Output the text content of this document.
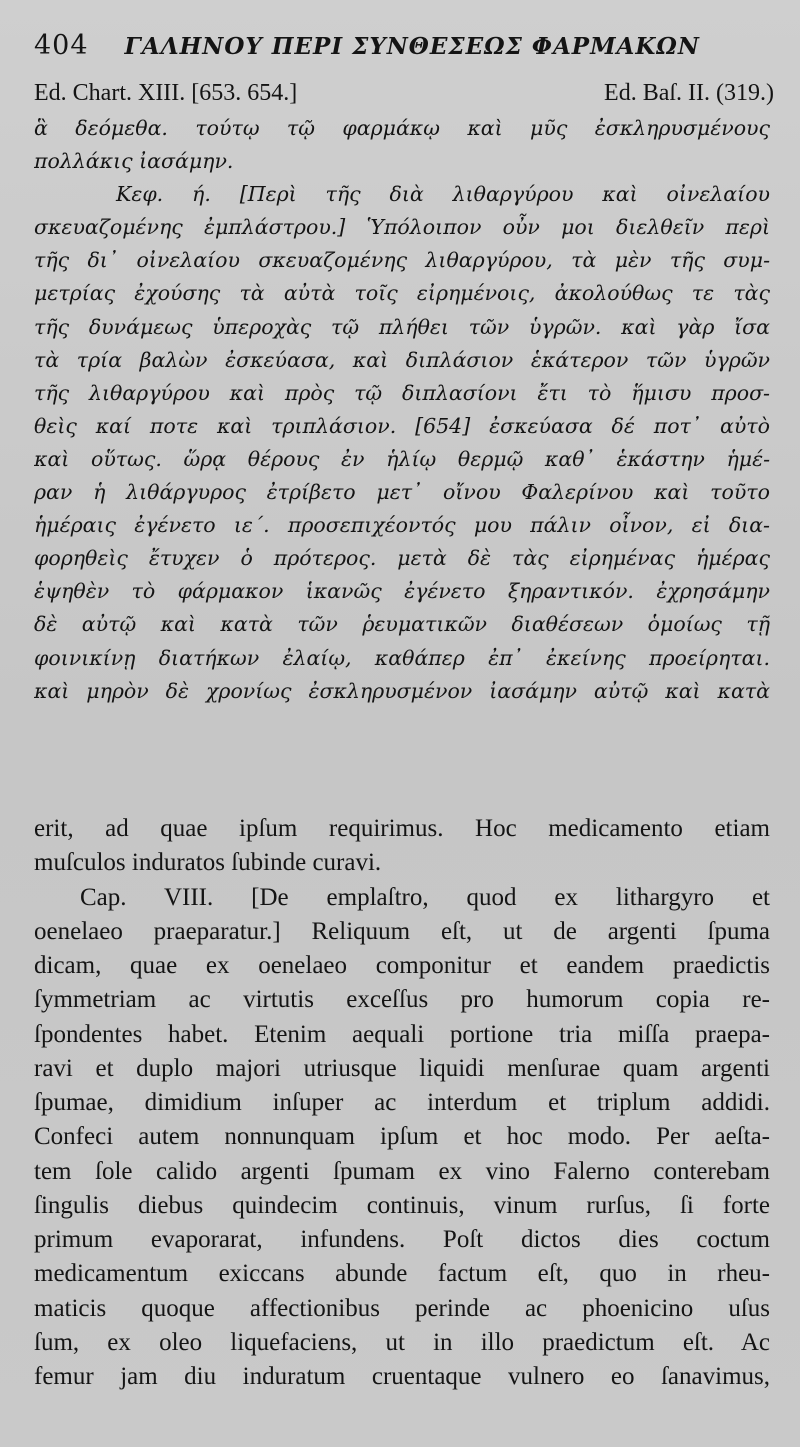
404 ΓΑΛΗΝΟΥ ΠΕΡΙ ΣΥΝΘΕΣΕΩΣ ΦΑΡΜΑΚΩΝ
Ed. Chart. XIII. [653. 654.]	Ed. Baſ. II. (319.)
ἃ δεόμεθα. τούτῳ τῷ φαρμάκῳ καὶ μῦς ἐσκληρυσμένους
πολλάκις ἰασάμην.
Κεφ. ή. [Περὶ τῆς διὰ λιθαργύρου καὶ οἰνελαίου
σκευαζομένης ἐμπλάστρου.] Ὑπόλοιπον οὖν μοι διελθεῖν περὶ
τῆς δι᾽ οἰνελαίου σκευαζομένης λιθαργύρου, τὰ μὲν τῆς συμ-
μετρίας ἐχούσης τὰ αὐτὰ τοῖς εἰρημένοις, ἀκολούθως τε τὰς
τῆς δυνάμεως ὑπεροχὰς τῷ πλήθει τῶν ὑγρῶν. καὶ γὰρ ἴσα
τὰ τρία βαλὼν ἐσκεύασα, καὶ διπλάσιον ἑκάτερον τῶν ὑγρῶν
τῆς λιθαργύρου καὶ πρὸς τῷ διπλασίονι ἔτι τὸ ἥμισυ προσ-
θεὶς καί ποτε καὶ τριπλάσιον. [654] ἐσκεύασα δέ ποτ᾽ αὐτὸ
καὶ οὕτως. ὥρᾳ θέρους ἐν ἡλίῳ θερμῷ καθ᾽ ἑκάστην ἡμέ-
ραν ἡ λιθάργυρος ἐτρίβετο μετ᾽ οἴνου Φαλερίνου καὶ τοῦτο
ἡμέραις ἐγένετο ιε΄. προσεπιχέοντός μου πάλιν οἶνον, εἰ δια-
φορηθεὶς ἔτυχεν ὁ πρότερος. μετὰ δὲ τὰς εἰρημένας ἡμέρας
ἑψηθὲν τὸ φάρμακον ἱκανῶς ἐγένετο ξηραντικόν. ἐχρησάμην
δὲ αὐτῷ καὶ κατὰ τῶν ῥευματικῶν διαθέσεων ὁμοίως τῇ
φοινικίνῃ διατήκων ἐλαίῳ, καθάπερ ἐπ᾽ ἐκείνης προείρηται.
καὶ μηρὸν δὲ χρονίως ἐσκληρυσμένον ἰασάμην αὐτῷ καὶ κατὰ
erit, ad quae ipſum requirimus. Hoc medicamento etiam
muſculos induratos ſubinde curavi.
Cap. VIII. [De emplaſtro, quod ex lithargyro et
oenelaeo praeparatur.] Reliquum eſt, ut de argenti ſpuma
dicam, quae ex oenelaeo componitur et eandem praedictis
ſymmetriam ac virtutis exceſſus pro humorum copia re-
ſpondentes habet. Etenim aequali portione tria miſſa praepa-
ravi et duplo majori utriusque liquidi menſurae quam argenti
ſpumae, dimidium inſuper ac interdum et triplum addidi.
Confeci autem nonnunquam ipſum et hoc modo. Per aeſta-
tem ſole calido argenti ſpumam ex vino Falerno conterebam
ſingulis diebus quindecim continuis, vinum rurſus, ſi forte
primum evaporarat, infundens. Poſt dictos dies coctum
medicamentum exiccans abunde factum eſt, quo in rheu-
maticis quoque affectionibus perinde ac phoenicino uſus
ſum, ex oleo liquefaciens, ut in illo praedictum eſt. Ac
femur jam diu induratum cruentaque vulnero eo ſanavimus,
